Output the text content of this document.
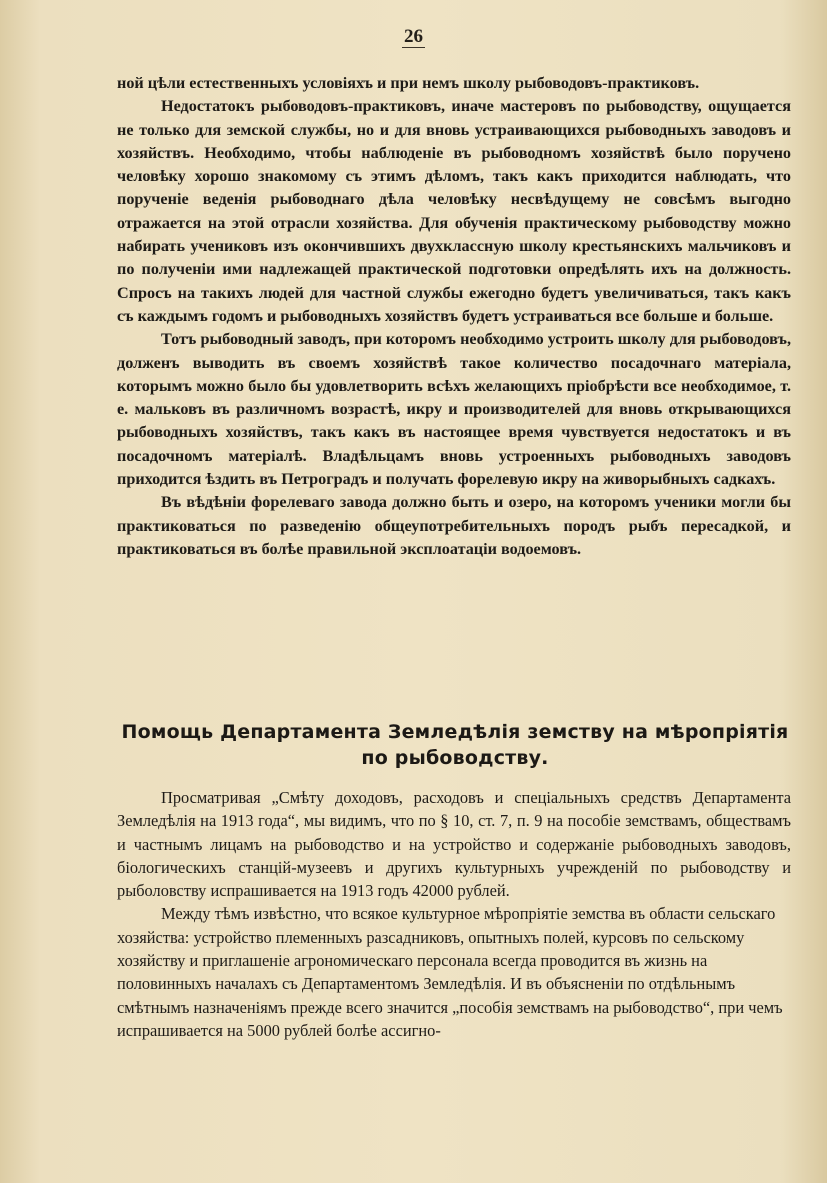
26

ной цѣли естественныхъ условіяхъ и при немъ школу рыбоводовъ-практиковъ.

Недостатокъ рыбоводовъ-практиковъ, иначе мастеровъ по рыбоводству, ощущается не только для земской службы, но и для вновь устраивающихся рыбоводныхъ заводовъ и хозяйствъ. Необходимо, чтобы наблюденіе въ рыбоводномъ хозяйствѣ было поручено человѣку хорошо знакомому съ этимъ дѣломъ, такъ какъ приходится наблюдать, что порученіе веденія рыбоводнаго дѣла человѣку несвѣдущему не совсѣмъ выгодно отражается на этой отрасли хозяйства. Для обученія практическому рыбоводству можно набирать учениковъ изъ окончившихъ двухклассную школу крестьянскихъ мальчиковъ и по полученіи ими надлежащей практической подготовки опредѣлять ихъ на должность. Спросъ на такихъ людей для частной службы ежегодно будетъ увеличиваться, такъ какъ съ каждымъ годомъ и рыбоводныхъ хозяйствъ будетъ устраиваться все больше и больше.

Тотъ рыбоводный заводъ, при которомъ необходимо устроить школу для рыбоводовъ, долженъ выводить въ своемъ хозяйствѣ такое количество посадочнаго матеріала, которымъ можно было бы удовлетворить всѣхъ желающихъ пріобрѣсти все необходимое, т. е. мальковъ въ различномъ возрастѣ, икру и производителей для вновь открывающихся рыбоводныхъ хозяйствъ, такъ какъ въ настоящее время чувствуется недостатокъ и въ посадочномъ матеріалѣ. Владѣльцамъ вновь устроенныхъ рыбоводныхъ заводовъ приходится ѣздить въ Петроградъ и получать форелевую икру на живорыбныхъ садкахъ.

Въ вѣдѣніи форелеваго завода должно быть и озеро, на которомъ ученики могли бы практиковаться по разведенію общеупотребительныхъ породъ рыбъ пересадкой, и практиковаться въ болѣе правильной эксплоатаціи водоемовъ.

Помощь Департамента Земледѣлія земству на мѣропріятія
по рыбоводству.

Просматривая „Смѣту доходовъ, расходовъ и спеціальныхъ средствъ Департамента Земледѣлія на 1913 года“, мы видимъ, что по § 10, ст. 7, п. 9 на пособіе земствамъ, обществамъ и частнымъ лицамъ на рыбоводство и на устройство и содержаніе рыбоводныхъ заводовъ, біологическихъ станцій-музеевъ и другихъ культурныхъ учрежденій по рыбоводству и рыболовству испрашивается на 1913 годъ 42000 рублей.

Между тѣмъ извѣстно, что всякое культурное мѣропріятіе земства въ области сельскаго хозяйства: устройство племенныхъ разсадниковъ, опытныхъ полей, курсовъ по сельскому хозяйству и приглашеніе агрономическаго персонала всегда проводится въ жизнь на половинныхъ началахъ съ Департаментомъ Земледѣлія. И въ объясненіи по отдѣльнымъ смѣтнымъ назначеніямъ прежде всего значится „пособія земствамъ на рыбоводство“, при чемъ испрашивается на 5000 рублей болѣе ассигно-
